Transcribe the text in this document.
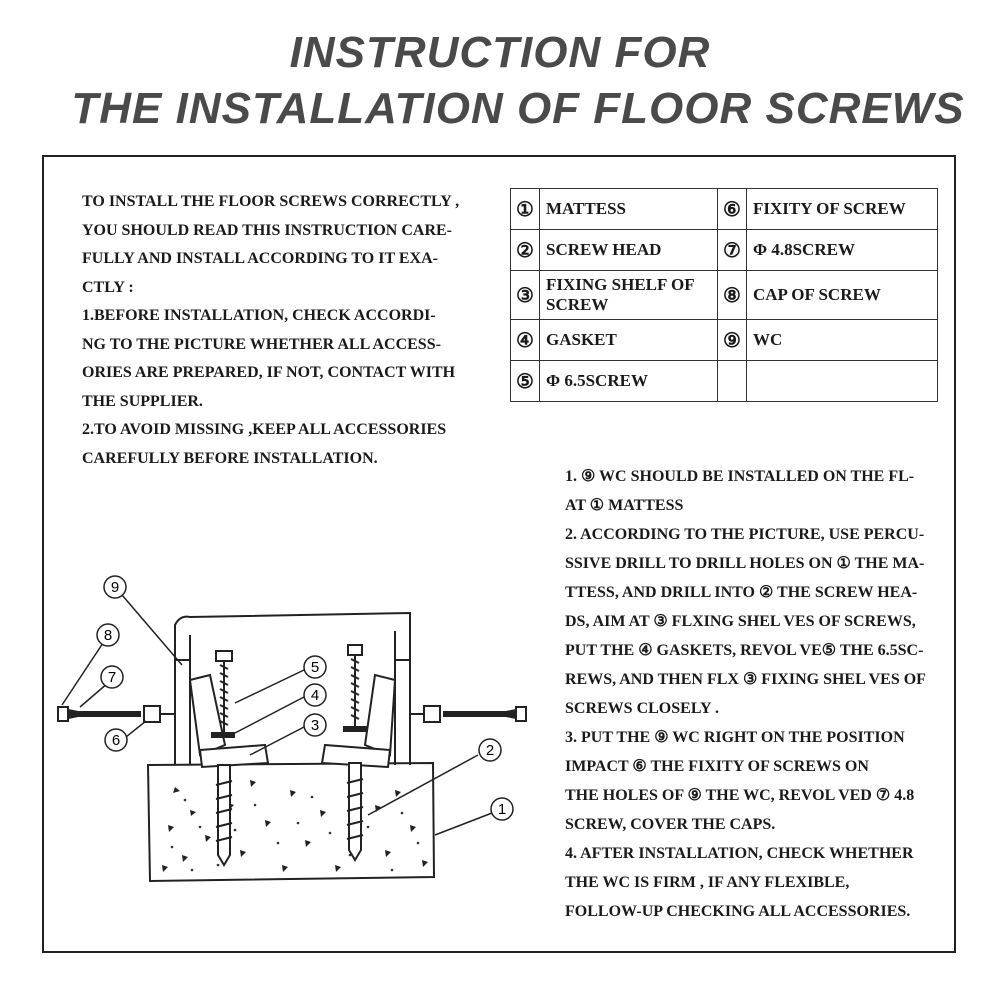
INSTRUCTION FOR
THE INSTALLATION OF FLOOR SCREWS
TO INSTALL THE FLOOR SCREWS CORRECTLY ,
YOU SHOULD READ THIS INSTRUCTION CARE-
FULLY AND INSTALL ACCORDING TO IT EXA-
CTLY :
1.BEFORE INSTALLATION, CHECK ACCORDI-
NG TO THE PICTURE WHETHER ALL ACCESS-
ORIES ARE PREPARED, IF NOT, CONTACT WITH
THE SUPPLIER.
2.TO AVOID MISSING ,KEEP ALL ACCESSORIES
CAREFULLY BEFORE INSTALLATION.
①	MATTESS	⑥	FIXITY OF SCREW
②	SCREW HEAD	⑦	Φ 4.8SCREW
③	FIXING SHELF OF SCREW	⑧	CAP OF SCREW
④	GASKET	⑨	WC
⑤	Φ 6.5SCREW		
1. ⑨ WC SHOULD BE INSTALLED ON THE FL-
AT ① MATTESS
2. ACCORDING TO THE PICTURE, USE PERCU-
SSIVE DRILL TO DRILL HOLES ON ① THE MA-
TTESS, AND DRILL INTO ② THE SCREW HEA-
DS, AIM AT ③ FLXING SHEL VES OF SCREWS,
PUT THE ④ GASKETS, REVOL VE⑤ THE 6.5SC-
REWS, AND THEN FLX ③ FIXING SHEL VES OF
SCREWS CLOSELY .
3. PUT THE ⑨ WC RIGHT ON THE POSITION
IMPACT ⑥ THE FIXITY OF SCREWS ON
THE HOLES OF ⑨ THE WC, REVOL VED ⑦ 4.8
SCREW, COVER THE CAPS.
4. AFTER INSTALLATION, CHECK WHETHER
THE WC IS FIRM , IF ANY FLEXIBLE,
FOLLOW-UP CHECKING ALL ACCESSORIES.
9
8
7
6
5
4
3
2
1
